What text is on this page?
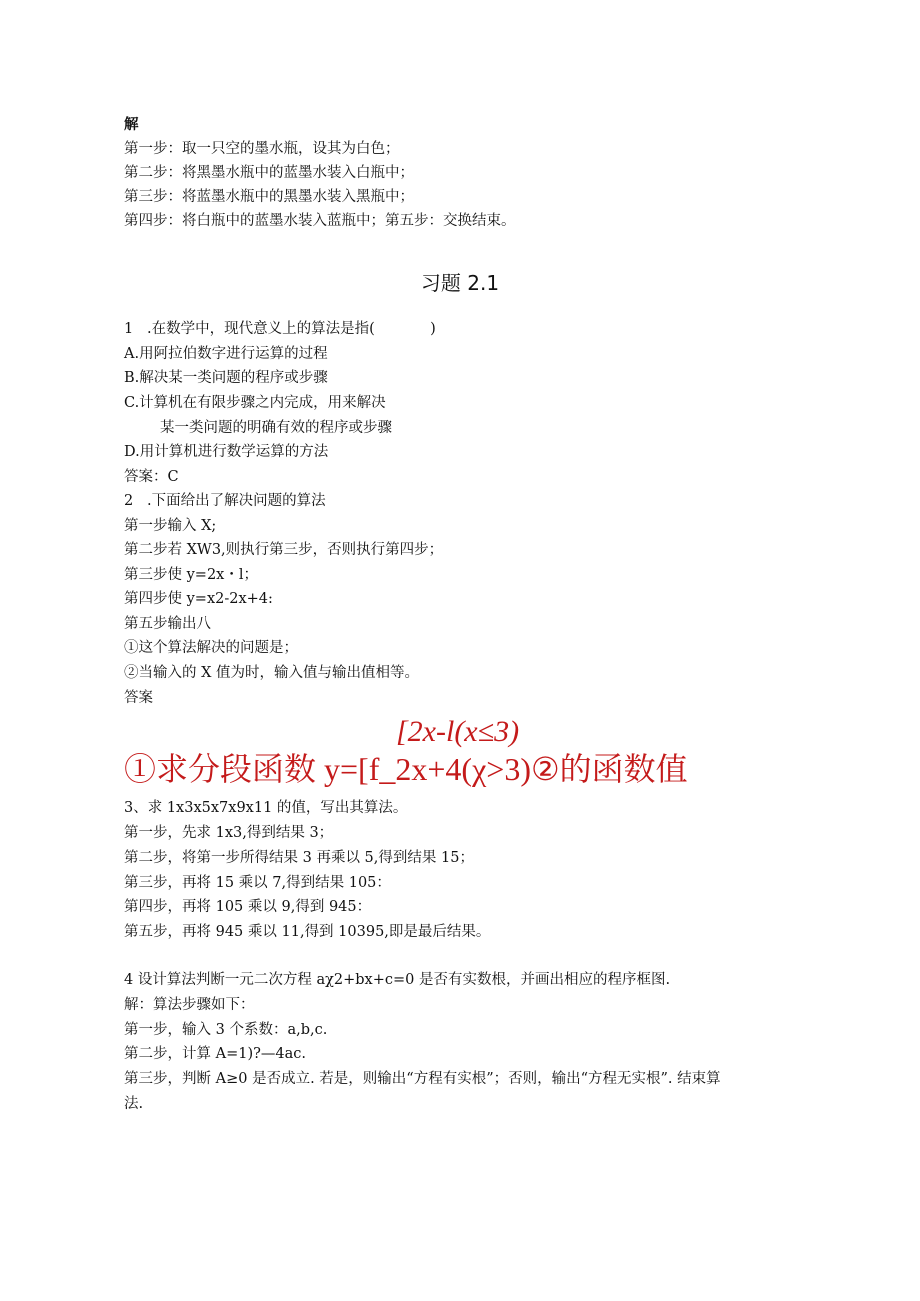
解
第一步：取一只空的墨水瓶，设其为白色；
第二步：将黑墨水瓶中的蓝墨水装入白瓶中；
第三步：将蓝墨水瓶中的黑墨水装入黑瓶中；
第四步：将白瓶中的蓝墨水装入蓝瓶中；第五步：交换结束。
习题 2.1
1   .在数学中，现代意义上的算法是指(            )
A.用阿拉伯数字进行运算的过程
B.解决某一类问题的程序或步骤
C.计算机在有限步骤之内完成，用来解决
某一类问题的明确有效的程序或步骤
D.用计算机进行数学运算的方法
答案：C
2   .下面给出了解决问题的算法
第一步输入 X;
第二步若 XW3,则执行第三步，否则执行第四步；
第三步使 y=2x・l；
第四步使 y=x2-2x+4:
第五步输出八
①这个算法解决的问题是；
②当输入的 X 值为时，输入值与输出值相等。
答案
[2x-l(x≤3)
①求分段函数 y=[f_2x+4(χ>3)②的函数值
3、求 1x3x5x7x9x11 的值，写出其算法。
第一步，先求 1x3,得到结果 3；
第二步，将第一步所得结果 3 再乘以 5,得到结果 15；
第三步，再将 15 乘以 7,得到结果 105：
第四步，再将 105 乘以 9,得到 945：
第五步，再将 945 乘以 11,得到 10395,即是最后结果。
4 设计算法判断一元二次方程 aχ2+bx+c=0 是否有实数根，并画出相应的程序框图.
解：算法步骤如下：
第一步，输入 3 个系数：a,b,c.
第二步，计算 A=1)?—4ac.
第三步，判断 A≥0 是否成立. 若是，则输出“方程有实根”；否则，输出“方程无实根”. 结束算
法.
